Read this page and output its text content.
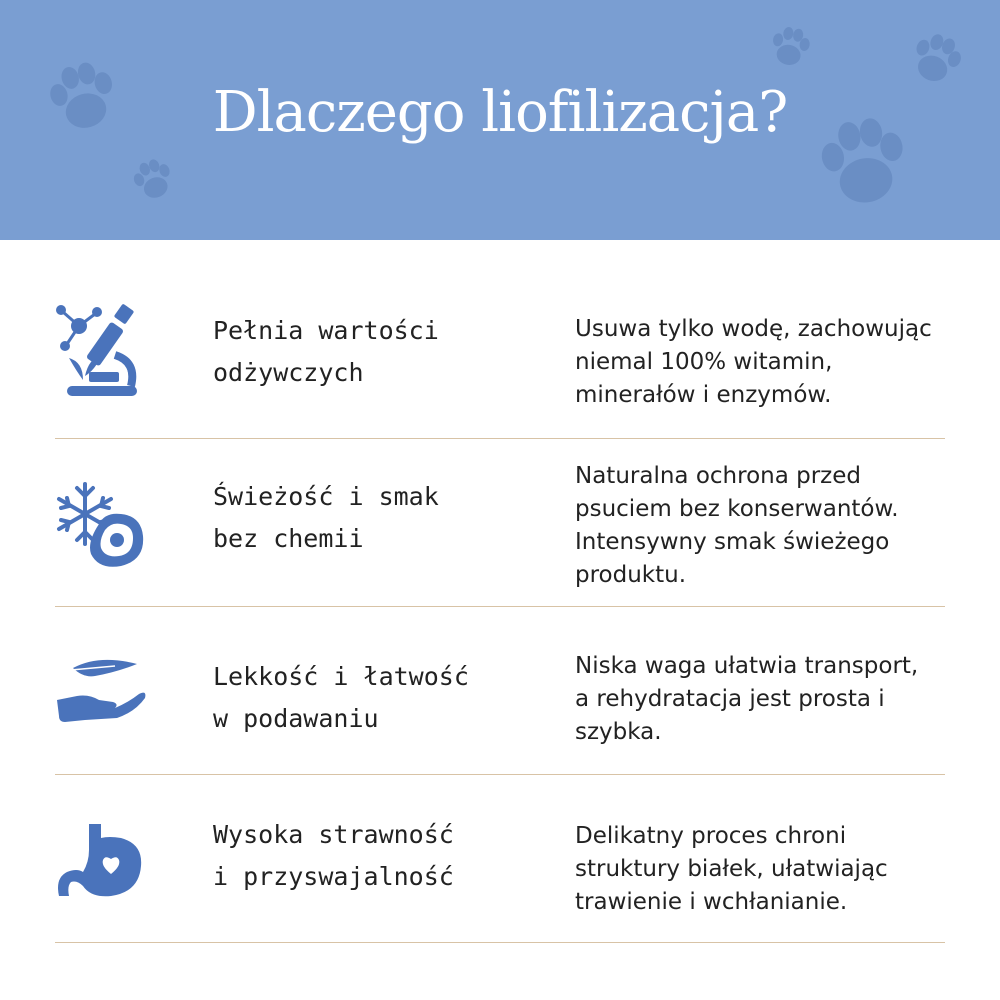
Dlaczego liofilizacja?
Pełnia wartości
odżywczych
Usuwa tylko wodę, zachowując
niemal 100% witamin,
minerałów i enzymów.
Świeżość i smak
bez chemii
Naturalna ochrona przed
psuciem bez konserwantów.
Intensywny smak świeżego
produktu.
Lekkość i łatwość
w podawaniu
Niska waga ułatwia transport,
a rehydratacja jest prosta i
szybka.
Wysoka strawność
i przyswajalność
Delikatny proces chroni
struktury białek, ułatwiając
trawienie i wchłanianie.
